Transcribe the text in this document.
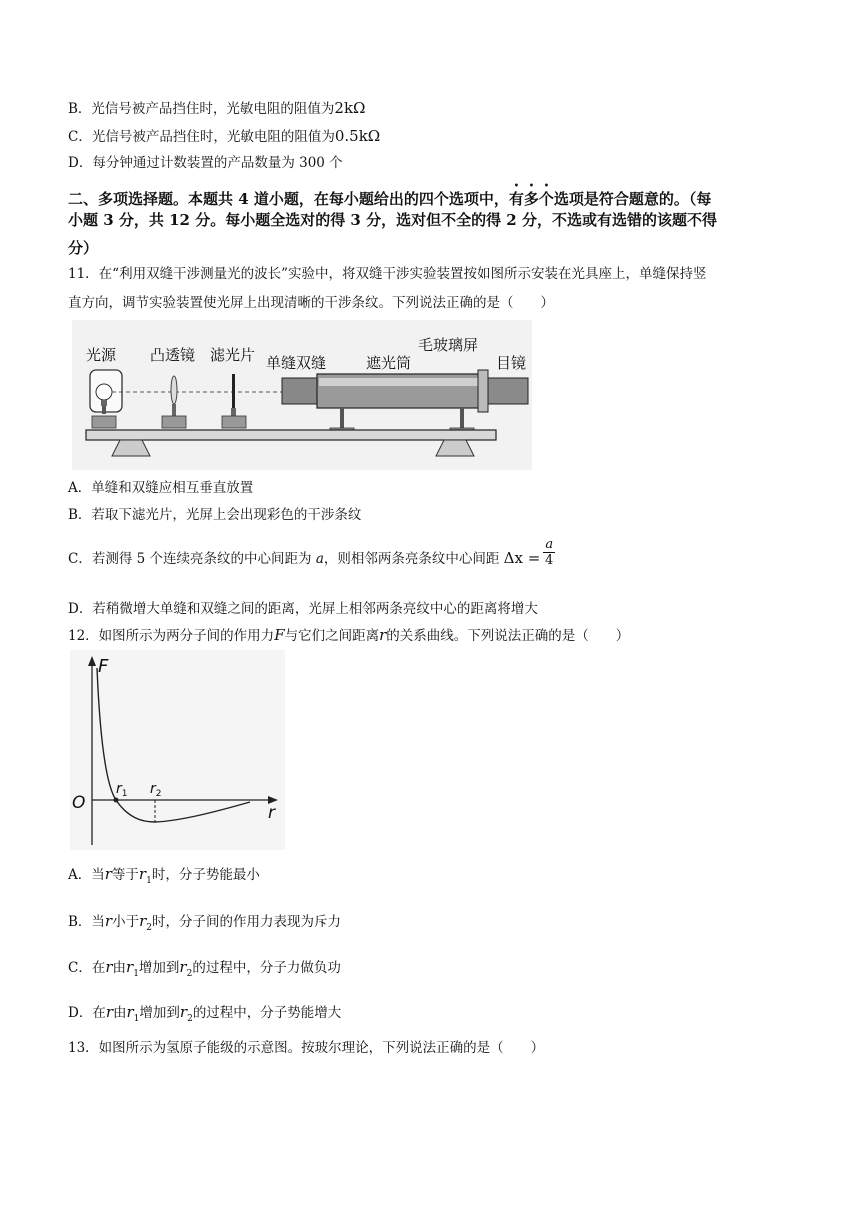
B．光信号被产品挡住时，光敏电阻的阻值为2kΩ
C．光信号被产品挡住时，光敏电阻的阻值为0.5kΩ
D．每分钟通过计数装置的产品数量为 300 个
二、多项选择题。本题共 4 道小题，在每小题给出的四个选项中，有多个选项是符合题意的。（每
小题 3 分，共 12 分。每小题全选对的得 3 分，选对但不全的得 2 分，不选或有选错的该题不得
分）
11．在“利用双缝干涉测量光的波长”实验中，将双缝干涉实验装置按如图所示安装在光具座上，单缝保持竖
直方向，调节实验装置使光屏上出现清晰的干涉条纹。下列说法正确的是（　　）
光源 凸透镜 滤光片 单缝双缝	遮光筒
毛玻璃屏
目镜
A．单缝和双缝应相互垂直放置
B．若取下滤光片，光屏上会出现彩色的干涉条纹
C．若测得 5 个连续亮条纹的中心间距为 a，则相邻两条亮条纹中心间距 $\Delta x = \frac{a}{4}$
D．若稍微增大单缝和双缝之间的距离，光屏上相邻两条亮纹中心的距离将增大
12．如图所示为两分子间的作用力F与它们之间距离r的关系曲线。下列说法正确的是（　　）
F
O	r
$r_1$ $r_2$
A．当r等于$r_1$时，分子势能最小
B．当r小于$r_2$时，分子间的作用力表现为斥力
C．在r由$r_1$增加到$r_2$的过程中，分子力做负功
D．在r由$r_1$增加到$r_2$的过程中，分子势能增大
13．如图所示为氢原子能级的示意图。按玻尔理论，下列说法正确的是（　　）
